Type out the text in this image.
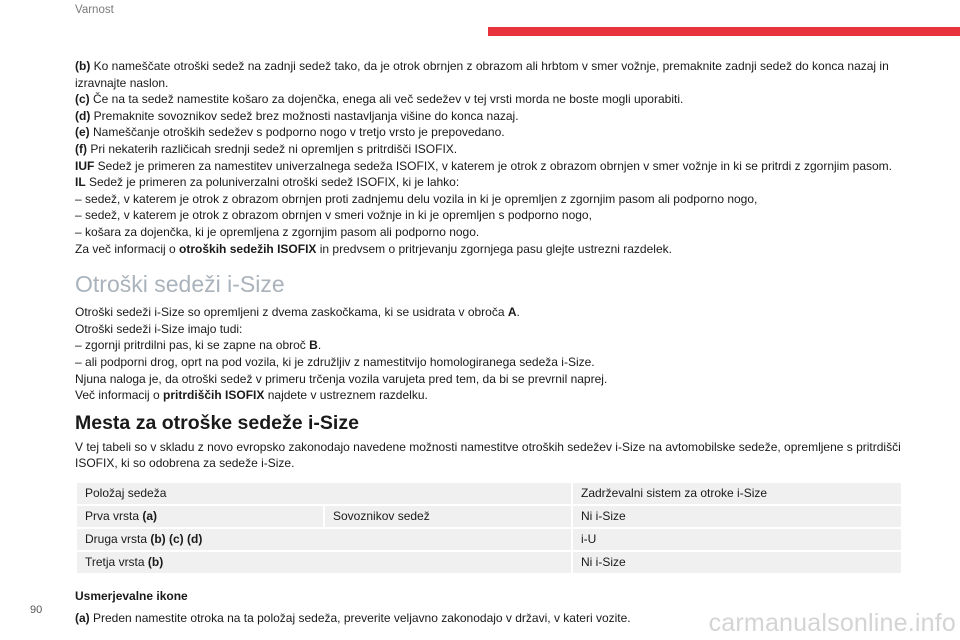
Varnost

(b) Ko nameščate otroški sedež na zadnji sedež tako, da je otrok obrnjen z obrazom ali hrbtom v smer vožnje, premaknite zadnji sedež do konca nazaj in izravnajte naslon.

(c) Če na ta sedež namestite košaro za dojenčka, enega ali več sedežev v tej vrsti morda ne boste mogli uporabiti.

(d) Premaknite sovoznikov sedež brez možnosti nastavljanja višine do konca nazaj.

(e) Nameščanje otroških sedežev s podporno nogo v tretjo vrsto je prepovedano.

(f) Pri nekaterih različicah srednji sedež ni opremljen s pritrdišči ISOFIX.

IUF Sedež je primeren za namestitev univerzalnega sedeža ISOFIX, v katerem je otrok z obrazom obrnjen v smer vožnje in ki se pritrdi z zgornjim pasom.

IL Sedež je primeren za poluniverzalni otroški sedež ISOFIX, ki je lahko:

– sedež, v katerem je otrok z obrazom obrnjen proti zadnjemu delu vozila in ki je opremljen z zgornjim pasom ali podporno nogo,

– sedež, v katerem je otrok z obrazom obrnjen v smeri vožnje in ki je opremljen s podporno nogo,

– košara za dojenčka, ki je opremljena z zgornjim pasom ali podporno nogo.

Za več informacij o otroških sedežih ISOFIX in predvsem o pritrjevanju zgornjega pasu glejte ustrezni razdelek.

Otroški sedeži i-Size

Otroški sedeži i-Size so opremljeni z dvema zaskočkama, ki se usidrata v obroča A.

Otroški sedeži i-Size imajo tudi:

– zgornji pritrdilni pas, ki se zapne na obroč B.

– ali podporni drog, oprt na pod vozila, ki je združljiv z namestitvijo homologiranega sedeža i-Size.

Njuna naloga je, da otroški sedež v primeru trčenja vozila varujeta pred tem, da bi se prevrnil naprej.

Več informacij o pritrdiščih ISOFIX najdete v ustreznem razdelku.

Mesta za otroške sedeže i-Size

V tej tabeli so v skladu z novo evropsko zakonodajo navedene možnosti namestitve otroških sedežev i-Size na avtomobilske sedeže, opremljene s pritrdišči ISOFIX, ki so odobrena za sedeže i-Size.

Položaj sedeža		Zadrževalni sistem za otroke i-Size
Prva vrsta (a)	Sovoznikov sedež	Ni i-Size
Druga vrsta (b) (c) (d)		i-U
Tretja vrsta (b)		Ni i-Size

Usmerjevalne ikone

(a) Preden namestite otroka na ta položaj sedeža, preverite veljavno zakonodajo v državi, v kateri vozite.

90	carmanualsonline.info
